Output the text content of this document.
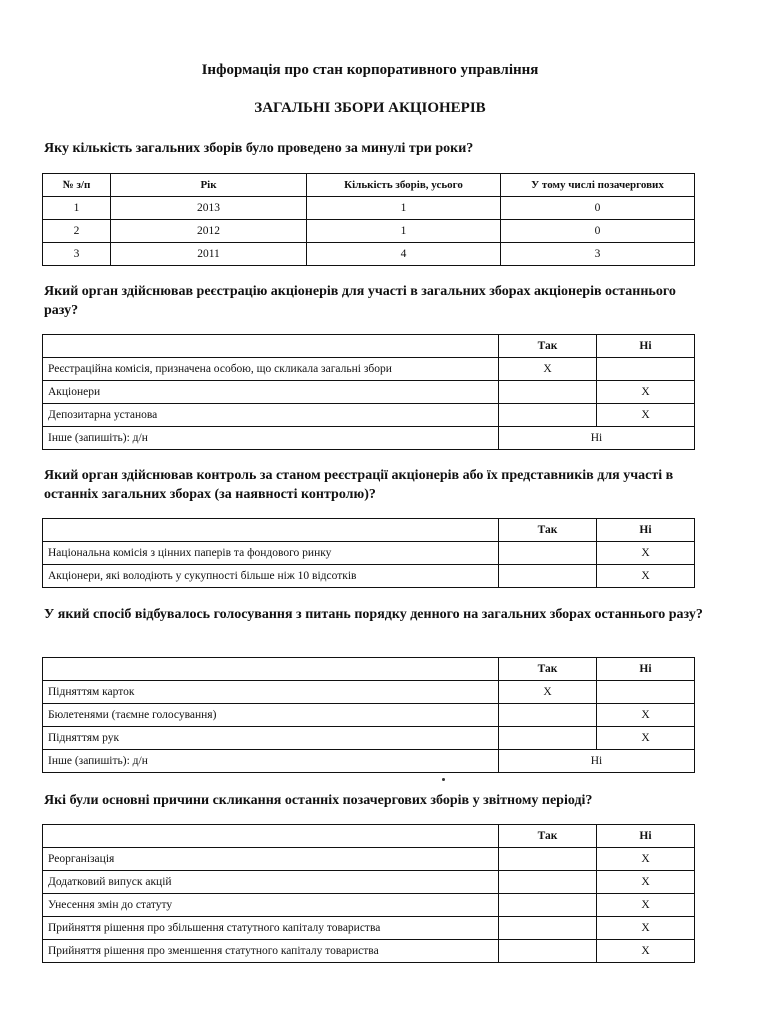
Інформація про стан корпоративного управління
ЗАГАЛЬНІ ЗБОРИ АКЦІОНЕРІВ

Яку кількість загальних зборів було проведено за минулі три роки?

№ з/п	Рік	Кількість зборів, усього	У тому числі позачергових
1	2013	1	0
2	2012	1	0
3	2011	4	3

Який орган здійснював реєстрацію акціонерів для участі в загальних зборах акціонерів останнього разу?

	Так	Ні
Реєстраційна комісія, призначена особою, що скликала загальні збори	X	
Акціонери		X
Депозитарна установа		X
Інше (запишіть): д/н	Ні	

Який орган здійснював контроль за станом реєстрації акціонерів або їх представників для участі в останніх загальних зборах (за наявності контролю)?

	Так	Ні
Національна комісія з цінних паперів та фондового ринку		X
Акціонери, які володіють у сукупності більше ніж 10 відсотків		X

У який спосіб відбувалось голосування з питань порядку денного на загальних зборах останнього разу?

	Так	Ні
Підняттям карток	X	
Бюлетенями (таємне голосування)		X
Підняттям рук		X
Інше (запишіть): д/н	Ні	

Які були основні причини скликання останніх позачергових зборів у звітному періоді?

	Так	Ні
Реорганізація		X
Додатковий випуск акцій		X
Унесення змін до статуту		X
Прийняття рішення про збільшення статутного капіталу товариства		X
Прийняття рішення про зменшення статутного капіталу товариства		X
